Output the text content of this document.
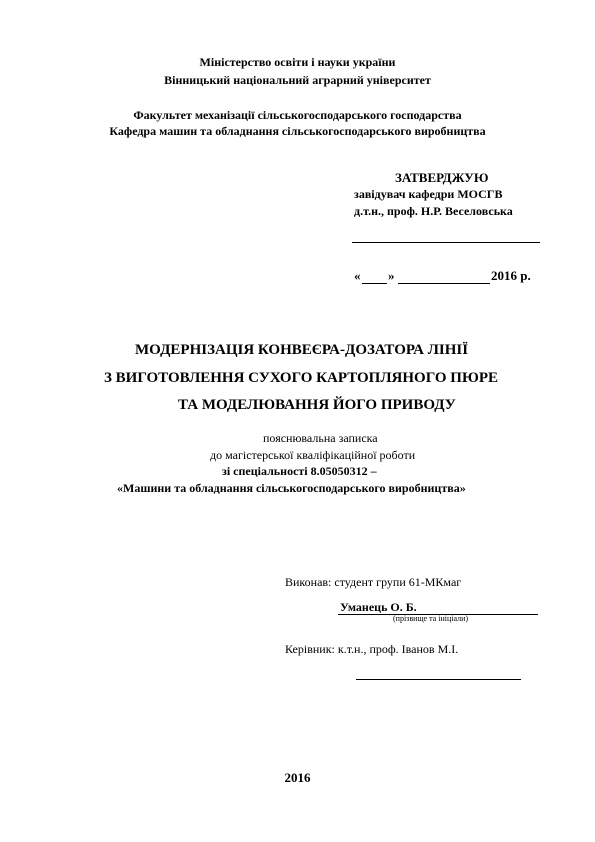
Міністерство освіти і науки україни
Вінницький національний аграрний університет
Факультет механізації сільськогосподарського господарства
Кафедра машин та обладнання сільськогосподарського виробництва
ЗАТВЕРДЖУЮ
завідувач кафедри МОСГВ
д.т.н., проф. Н.Р. Веселовська
« »	2016 р.
МОДЕРНІЗАЦІЯ КОНВЕЄРА-ДОЗАТОРА ЛІНІЇ
З ВИГОТОВЛЕННЯ СУХОГО КАРТОПЛЯНОГО ПЮРЕ
ТА МОДЕЛЮВАННЯ ЙОГО ПРИВОДУ
пояснювальна записка
до магістерської кваліфікаційної роботи
зі спеціальності 8.05050312 –
«Машини та обладнання сільськогосподарського виробництва»
Виконав: студент групи 61-МКмаг
Уманець О. Б.
(прізвище та ініціали)
Керівник: к.т.н., проф. Іванов М.І.
2016
